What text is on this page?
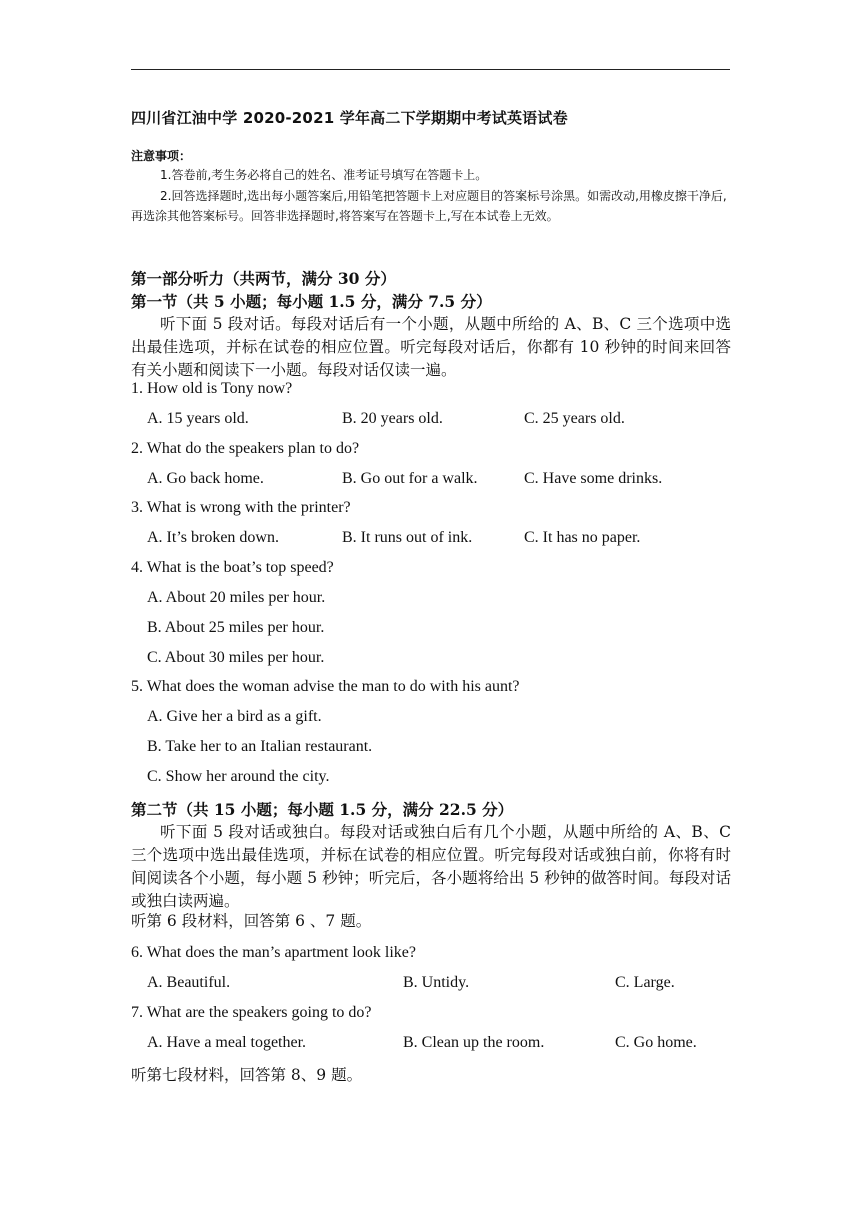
四川省江油中学 2020-2021 学年高二下学期期中考试英语试卷
注意事项：
1.答卷前,考生务必将自己的姓名、准考证号填写在答题卡上。
2.回答选择题时,选出每小题答案后,用铅笔把答题卡上对应题目的答案标号涂黑。如需改动,用橡皮擦干净后,再选涂其他答案标号。回答非选择题时,将答案写在答题卡上,写在本试卷上无效。
第一部分听力（共两节，满分 30 分）
第一节（共 5 小题；每小题 1.5 分，满分 7.5 分）
听下面 5 段对话。每段对话后有一个小题，从题中所给的 A、B、C 三个选项中选出最佳选项，并标在试卷的相应位置。听完每段对话后，你都有 10 秒钟的时间来回答有关小题和阅读下一小题。每段对话仅读一遍。
1. How old is Tony now?
A. 15 years old.	B. 20 years old.	C. 25 years old.
2. What do the speakers plan to do?
A. Go back home.	B. Go out for a walk.	C. Have some drinks.
3. What is wrong with the printer?
A. It’s broken down.	B. It runs out of ink.	C. It has no paper.
4. What is the boat’s top speed?
A. About 20 miles per hour.
B. About 25 miles per hour.
C. About 30 miles per hour.
5. What does the woman advise the man to do with his aunt?
A. Give her a bird as a gift.
B. Take her to an Italian restaurant.
C. Show her around the city.
第二节（共 15 小题；每小题 1.5 分，满分 22.5 分）
听下面 5 段对话或独白。每段对话或独白后有几个小题，从题中所给的 A、B、C 三个选项中选出最佳选项，并标在试卷的相应位置。听完每段对话或独白前，你将有时间阅读各个小题，每小题 5 秒钟；听完后，各小题将给出 5 秒钟的做答时间。每段对话或独白读两遍。
听第 6 段材料，回答第 6 、7 题。
6. What does the man’s apartment look like?
A. Beautiful.	B. Untidy.	C. Large.
7. What are the speakers going to do?
A. Have a meal together.	B. Clean up the room.	C. Go home.
听第七段材料，回答第 8、9 题。
